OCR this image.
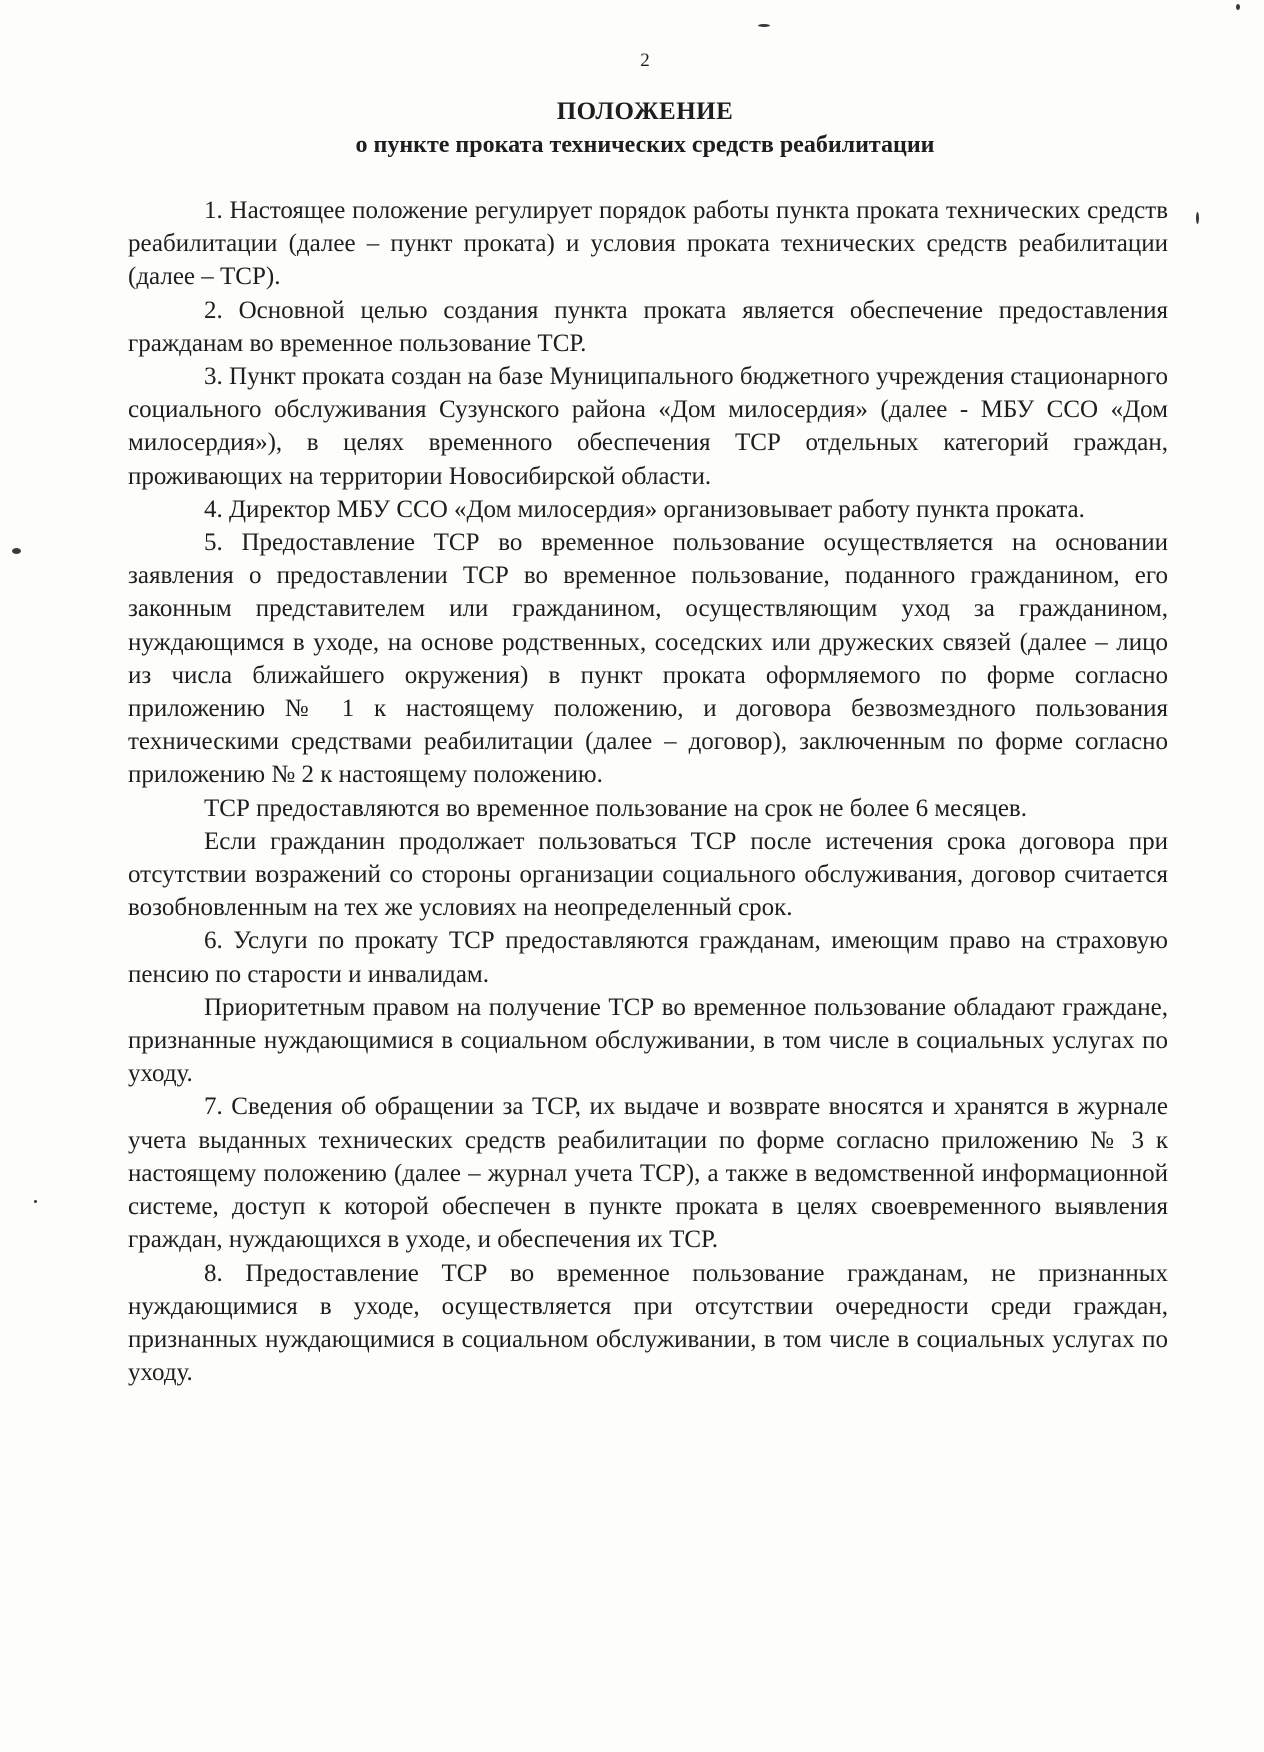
2
ПОЛОЖЕНИЕ
о пункте проката технических средств реабилитации

1. Настоящее положение регулирует порядок работы пункта проката технических средств реабилитации (далее – пункт проката) и условия проката технических средств реабилитации (далее – ТСР).

2. Основной целью создания пункта проката является обеспечение предоставления гражданам во временное пользование ТСР.

3. Пункт проката создан на базе Муниципального бюджетного учреждения стационарного социального обслуживания Сузунского района «Дом милосердия» (далее - МБУ ССО «Дом милосердия»), в целях временного обеспечения ТСР отдельных категорий граждан, проживающих на территории Новосибирской области.

4. Директор МБУ ССО «Дом милосердия» организовывает работу пункта проката.

5. Предоставление ТСР во временное пользование осуществляется на основании заявления о предоставлении ТСР во временное пользование, поданного гражданином, его законным представителем или гражданином, осуществляющим уход за гражданином, нуждающимся в уходе, на основе родственных, соседских или дружеских связей (далее – лицо из числа ближайшего окружения) в пункт проката оформляемого по форме согласно приложению № 1 к настоящему положению, и договора безвозмездного пользования техническими средствами реабилитации (далее – договор), заключенным по форме согласно приложению № 2 к настоящему положению.

ТСР предоставляются во временное пользование на срок не более 6 месяцев.

Если гражданин продолжает пользоваться ТСР после истечения срока договора при отсутствии возражений со стороны организации социального обслуживания, договор считается возобновленным на тех же условиях на неопределенный срок.

6. Услуги по прокату ТСР предоставляются гражданам, имеющим право на страховую пенсию по старости и инвалидам.

Приоритетным правом на получение ТСР во временное пользование обладают граждане, признанные нуждающимися в социальном обслуживании, в том числе в социальных услугах по уходу.

7. Сведения об обращении за ТСР, их выдаче и возврате вносятся и хранятся в журнале учета выданных технических средств реабилитации по форме согласно приложению № 3 к настоящему положению (далее – журнал учета ТСР), а также в ведомственной информационной системе, доступ к которой обеспечен в пункте проката в целях своевременного выявления граждан, нуждающихся в уходе, и обеспечения их ТСР.

8. Предоставление ТСР во временное пользование гражданам, не признанных нуждающимися в уходе, осуществляется при отсутствии очередности среди граждан, признанных нуждающимися в социальном обслуживании, в том числе в социальных услугах по уходу.
